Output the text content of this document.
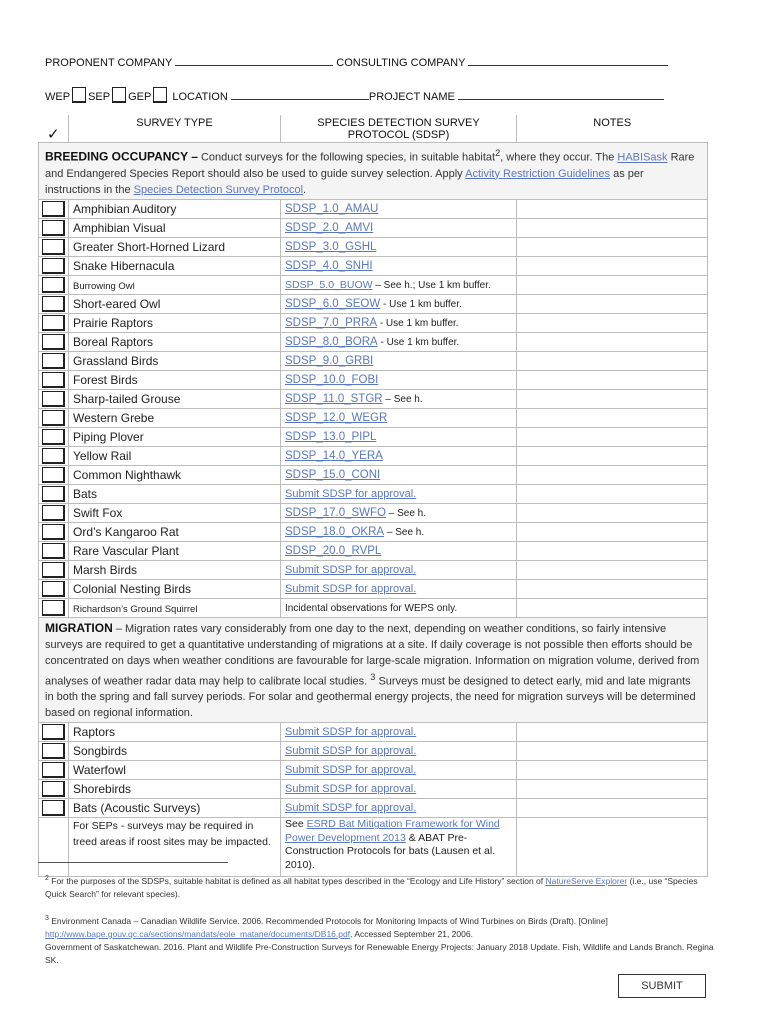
PROPONENT COMPANY	CONSULTING COMPANY
WEP SEP GEP LOCATION	PROJECT NAME
✓	SURVEY TYPE	SPECIES DETECTION SURVEY
PROTOCOL (SDSP)	NOTES
BREEDING OCCUPANCY – Conduct surveys for the following species, in suitable habitat$^2$, where they occur. The HABISask Rare and Endangered Species Report should also be used to guide survey selection. Apply Activity Restriction Guidelines as per instructions in the Species Detection Survey Protocol.			

	Amphibian Auditory	SDSP_1.0_AMAU	

	Amphibian Visual	SDSP_2.0_AMVI	

	Greater Short-Horned Lizard	SDSP_3.0_GSHL	

	Snake Hibernacula	SDSP_4.0_SNHI	

	Burrowing Owl	SDSP_5.0_BUOW – See h.; Use 1 km buffer.	

	Short-eared Owl	SDSP_6.0_SEOW - Use 1 km buffer.	

	Prairie Raptors	SDSP_7.0_PRRA - Use 1 km buffer.	

	Boreal Raptors	SDSP_8.0_BORA - Use 1 km buffer.	

	Grassland Birds	SDSP_9.0_GRBI	

	Forest Birds	SDSP_10.0_FOBI	

	Sharp-tailed Grouse	SDSP_11.0_STGR – See h.	

	Western Grebe	SDSP_12.0_WEGR	

	Piping Plover	SDSP_13.0_PIPL	

	Yellow Rail	SDSP_14.0_YERA	

	Common Nighthawk	SDSP_15.0_CONI	

	Bats	Submit SDSP for approval.	

	Swift Fox	SDSP_17.0_SWFO – See h.	

	Ord’s Kangaroo Rat	SDSP_18.0_OKRA – See h.	

	Rare Vascular Plant	SDSP_20.0_RVPL	

	Marsh Birds	Submit SDSP for approval.	

	Colonial Nesting Birds	Submit SDSP for approval.	

	Richardson’s Ground Squirrel	Incidental observations for WEPS only.	
MIGRATION – Migration rates vary considerably from one day to the next, depending on weather conditions, so fairly intensive surveys are required to get a quantitative understanding of migrations at a site. If daily coverage is not possible then efforts should be concentrated on days when weather conditions are favourable for large-scale migration. Information on migration volume, derived from analyses of weather radar data may help to calibrate local studies. $^3$ Surveys must be designed to detect early, mid and late migrants in both the spring and fall survey periods. For solar and geothermal energy projects, the need for migration surveys will be determined based on regional information.			

	Raptors	Submit SDSP for approval.	

	Songbirds	Submit SDSP for approval.	

	Waterfowl	Submit SDSP for approval.	

	Shorebirds	Submit SDSP for approval.	

	Bats (Acoustic Surveys)	Submit SDSP for approval.	
	For SEPs - surveys may be required in treed areas if roost sites may be impacted.	See ESRD Bat Mitigation Framework for Wind Power Development 2013 & ABAT Pre-Construction Protocols for bats (Lausen et al. 2010).	
$^2$ For the purposes of the SDSPs, suitable habitat is defined as all habitat types described in the “Ecology and Life History” section of NatureServe Explorer (i.e., use “Species Quick Search” for relevant species).
$^3$ Environment Canada – Canadian Wildlife Service. 2006. Recommended Protocols for Monitoring Impacts of Wind Turbines on Birds (Draft). [Online]
http://www.bape.gouv.qc.ca/sections/mandats/eole_matane/documents/DB16.pdf. Accessed September 21, 2006.
Government of Saskatchewan. 2016. Plant and Wildlife Pre-Construction Surveys for Renewable Energy Projects: January 2018 Update. Fish, Wildlife and Lands Branch. Regina SK.
SUBMIT
